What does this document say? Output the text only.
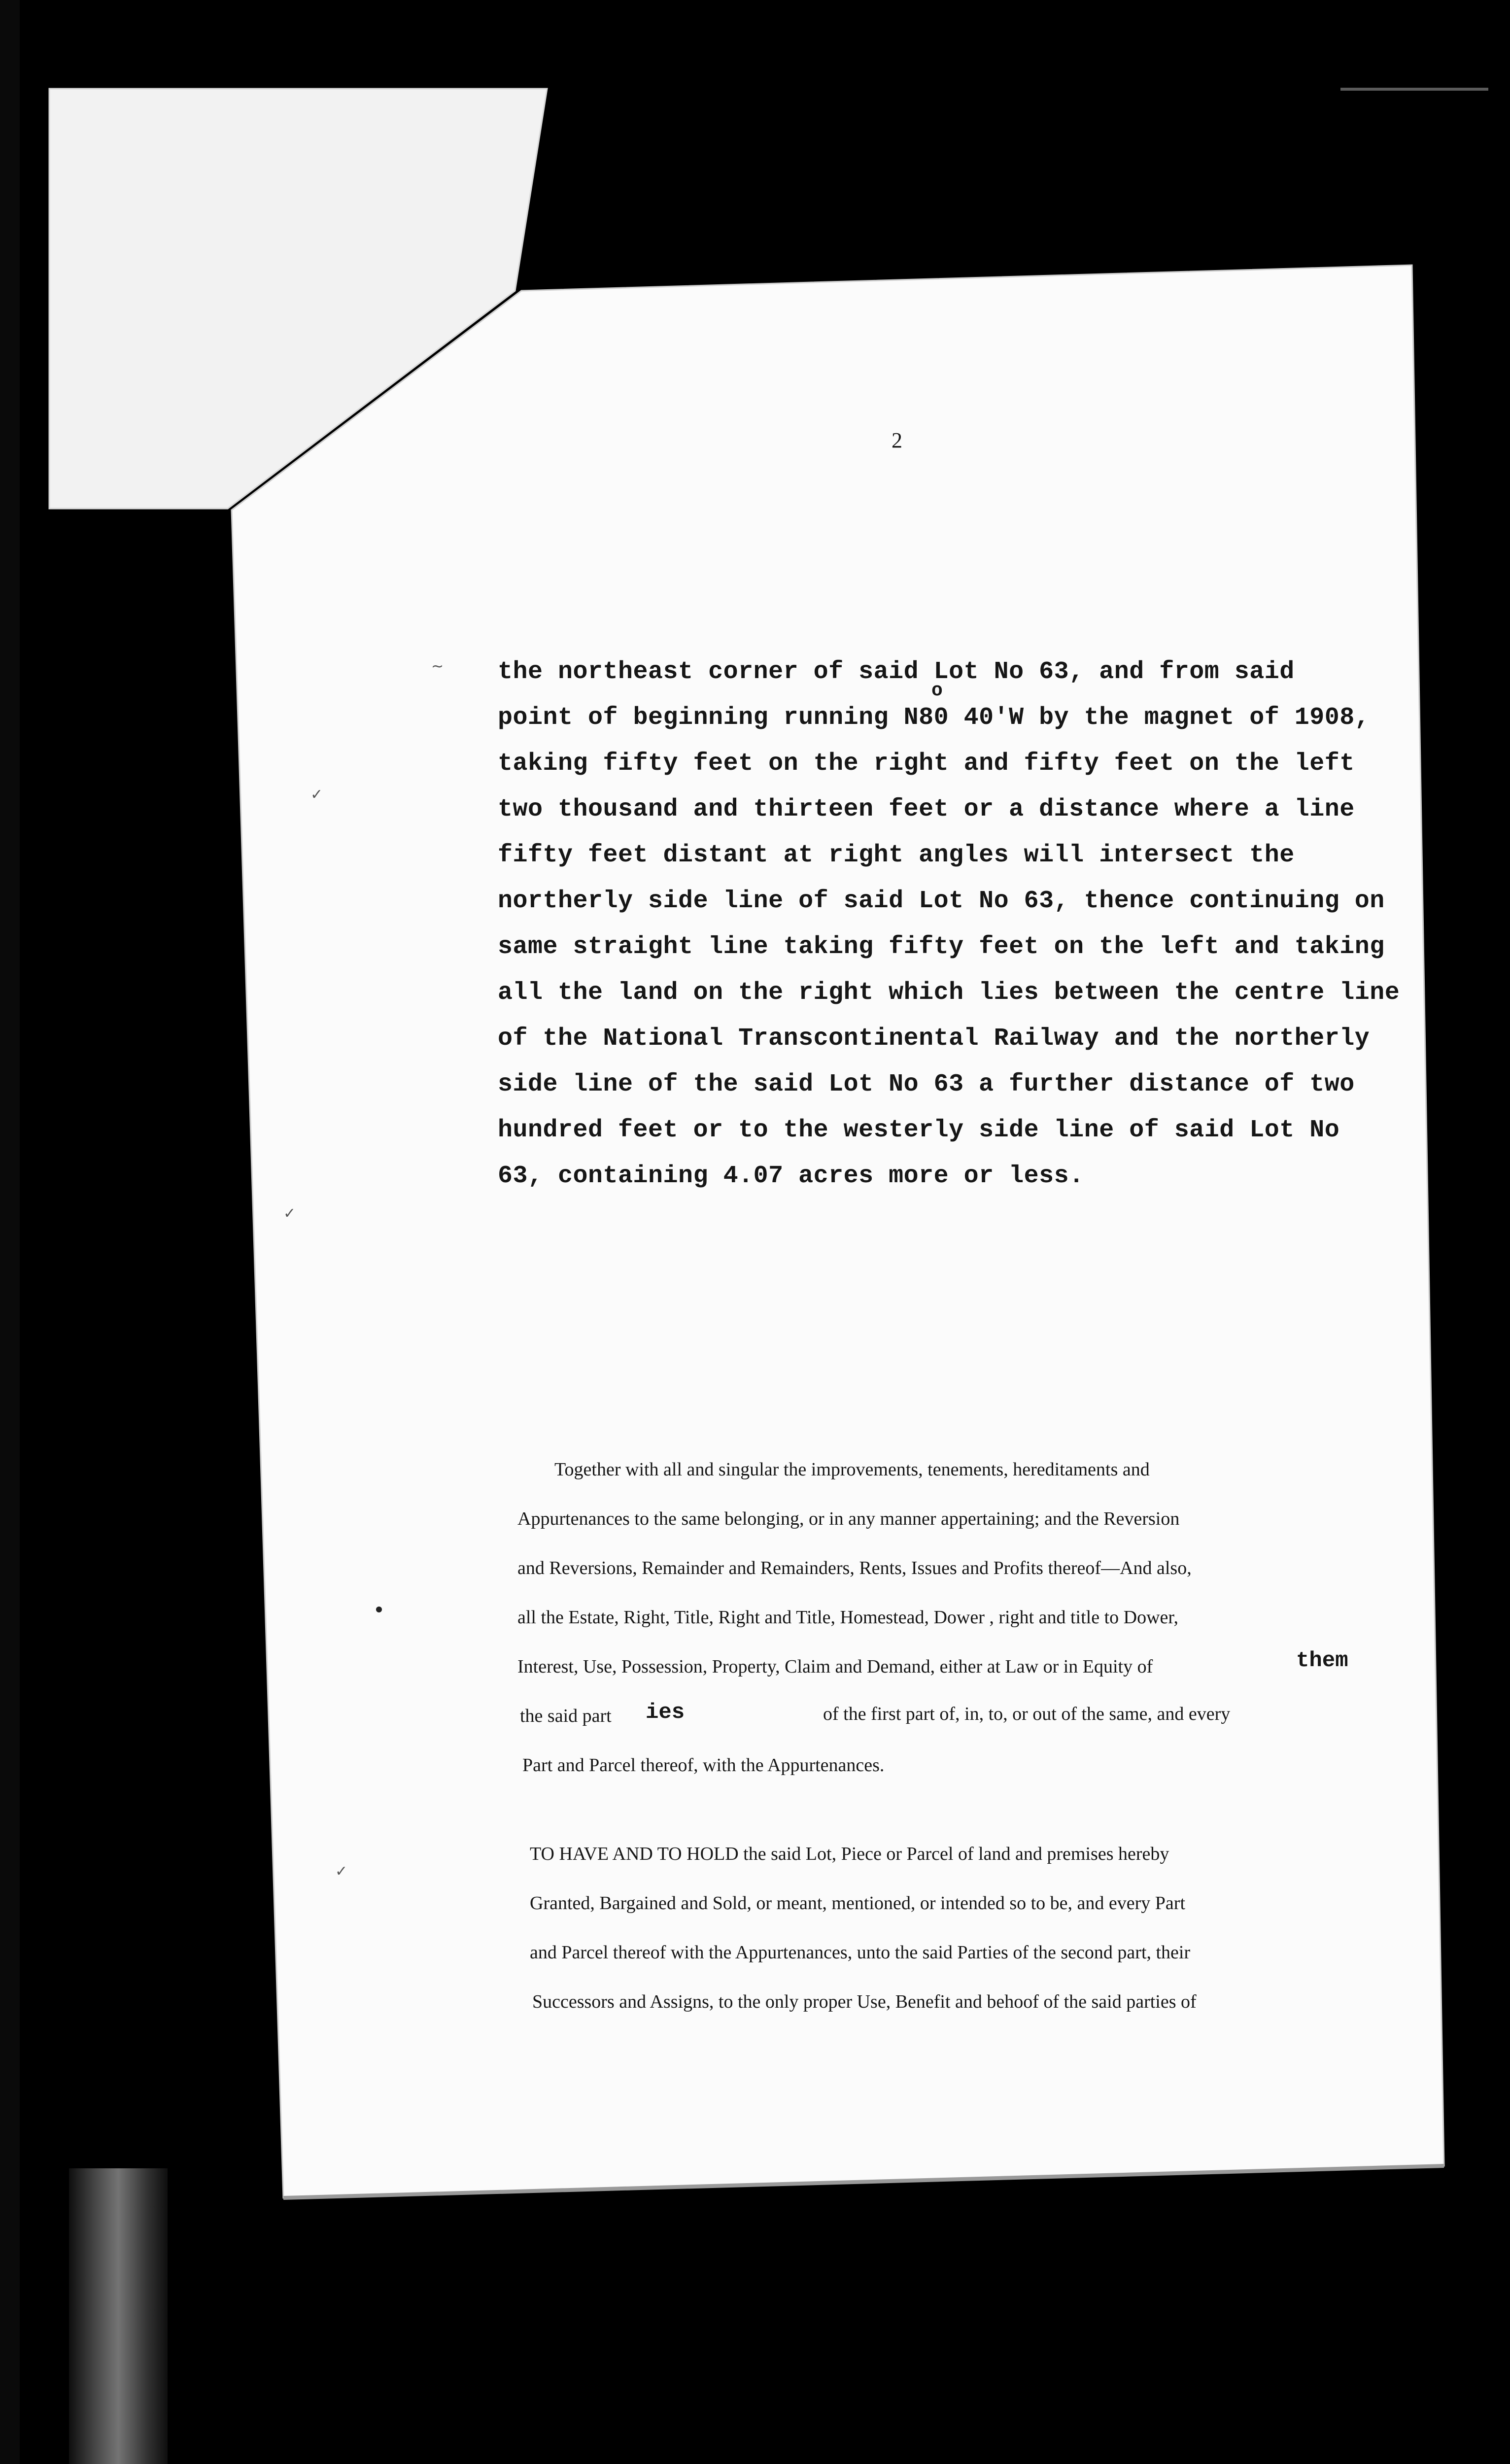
2
~
✓
✓
✓
the northeast corner of said Lot No 63, and from said
o
point of beginning running N80 40'W by the magnet of 1908,
taking fifty feet on the right and fifty feet on the left
two thousand and thirteen feet or a distance where a line
fifty feet distant at right angles will intersect the
northerly side line of said Lot No 63, thence continuing on
same straight line taking fifty feet on the left and taking
all the land on the right which lies between the centre line
of the National Transcontinental Railway and the northerly
side line of the said Lot No 63 a further distance of two
hundred feet or to the westerly side line of said Lot No
63, containing 4.07 acres more or less.
Together with all and singular the improvements, tenements, hereditaments and
Appurtenances to the same belonging, or in any manner appertaining; and the Reversion
and Reversions, Remainder and Remainders, Rents, Issues and Profits thereof—And also,
all the Estate, Right, Title, Right and Title, Homestead, Dower , right and title to Dower,
Interest, Use, Possession, Property, Claim and Demand, either at Law or in Equity of	them
the said part ies	of the first part of, in, to, or out of the same, and every
Part and Parcel thereof, with the Appurtenances.
TO HAVE AND TO HOLD the said Lot, Piece or Parcel of land and premises hereby
Granted, Bargained and Sold, or meant, mentioned, or intended so to be, and every Part
and Parcel thereof with the Appurtenances, unto the said Parties of the second part, their
Successors and Assigns, to the only proper Use, Benefit and behoof of the said parties of
